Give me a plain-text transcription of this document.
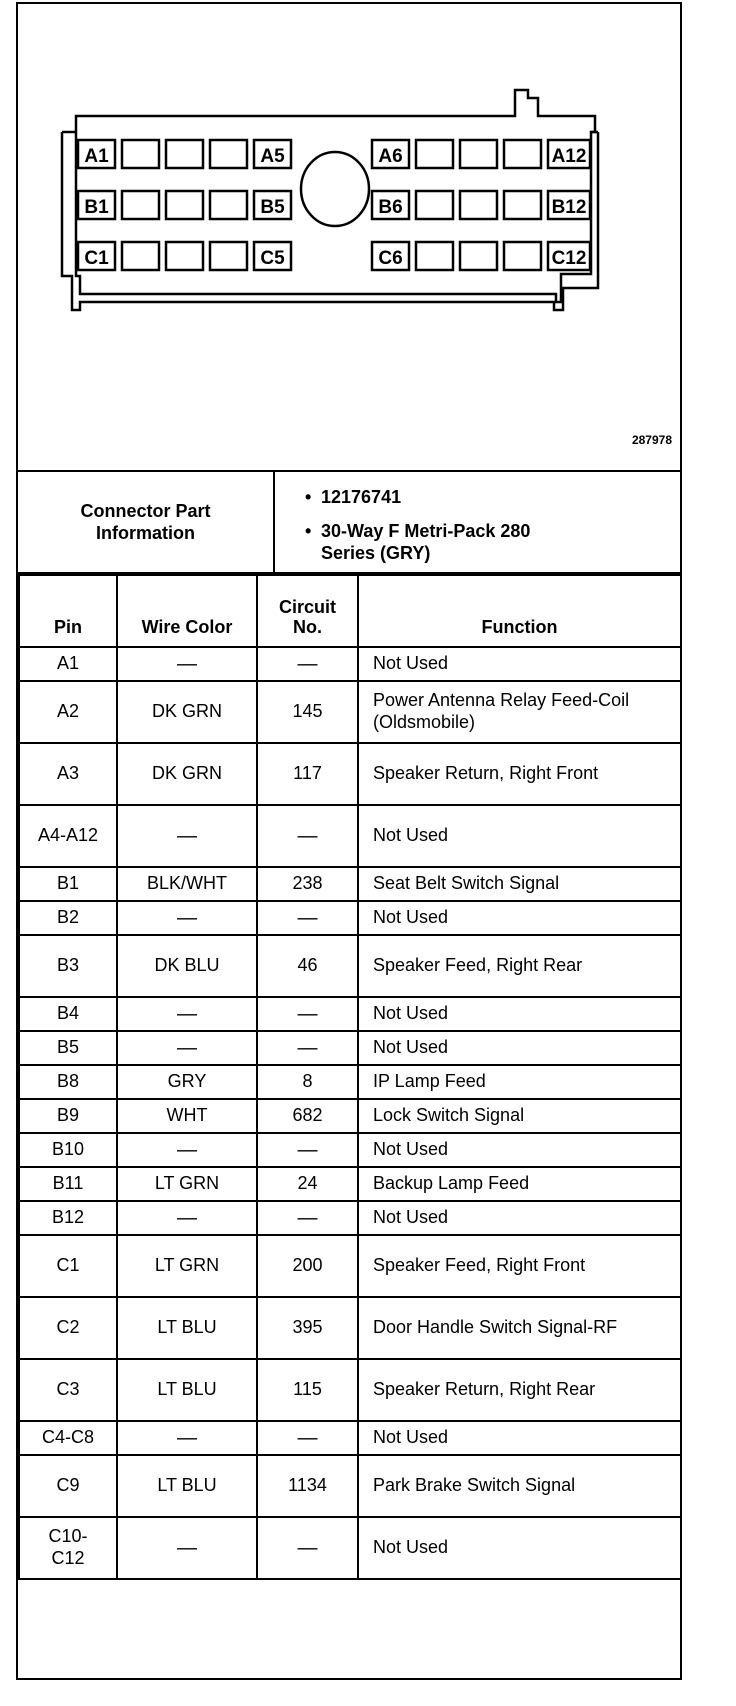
A1	A5	A6	A12
B1	B5	B6	B12
C1	C5	C6	C12
287978
Connector Part Information
• 12176741
• 30-Way F Metri-Pack 280 Series (GRY)
Pin	Wire Color	Circuit No.	Function
A1	—	—	Not Used
A2	DK GRN	145	Power Antenna Relay Feed-Coil (Oldsmobile)
A3	DK GRN	117	Speaker Return, Right Front
A4-A12	—	—	Not Used
B1	BLK/WHT	238	Seat Belt Switch Signal
B2	—	—	Not Used
B3	DK BLU	46	Speaker Feed, Right Rear
B4	—	—	Not Used
B5	—	—	Not Used
B8	GRY	8	IP Lamp Feed
B9	WHT	682	Lock Switch Signal
B10	—	—	Not Used
B11	LT GRN	24	Backup Lamp Feed
B12	—	—	Not Used
C1	LT GRN	200	Speaker Feed, Right Front
C2	LT BLU	395	Door Handle Switch Signal-RF
C3	LT BLU	115	Speaker Return, Right Rear
C4-C8	—	—	Not Used
C9	LT BLU	1134	Park Brake Switch Signal
C10-C12	—	—	Not Used
